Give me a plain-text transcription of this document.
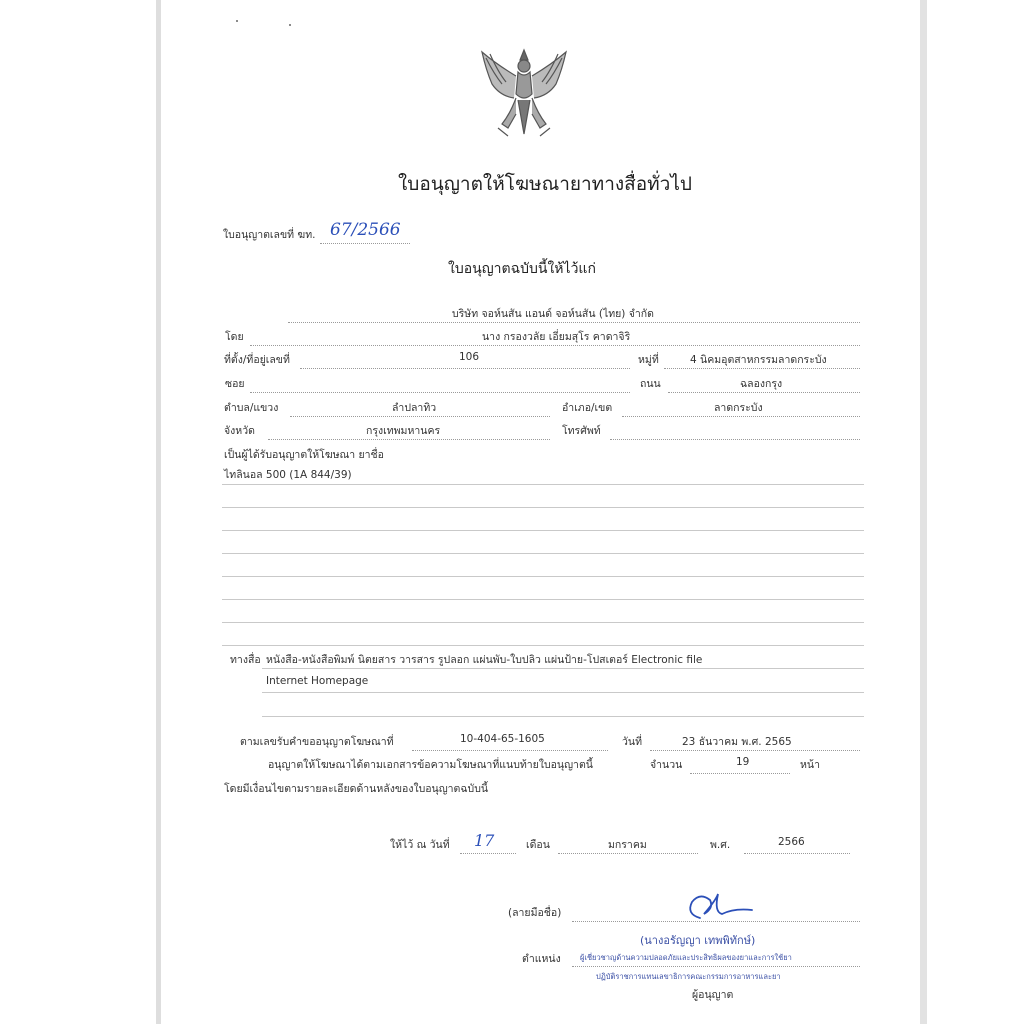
ใบอนุญาตให้โฆษณายาทางสื่อทั่วไป
ใบอนุญาตเลขที่ ฆท. 67/2566
ใบอนุญาตฉบับนี้ให้ไว้แก่
บริษัท จอห์นสัน แอนด์ จอห์นสัน (ไทย) จำกัด
โดย	นาง กรองวลัย เอี่ยมสุโร คาดาจิริ
ที่ตั้ง/ที่อยู่เลขที่	106	หมู่ที่	4 นิคมอุตสาหกรรมลาดกระบัง
ซอย	ถนน	ฉลองกรุง
ตำบล/แขวง	ลำปลาทิว	อำเภอ/เขต	ลาดกระบัง
จังหวัด	กรุงเทพมหานคร	โทรศัพท์
เป็นผู้ได้รับอนุญาตให้โฆษณา ยาชื่อ
ไทลินอล 500 (1A 844/39)
ทางสื่อ หนังสือ-หนังสือพิมพ์ นิตยสาร วารสาร รูปลอก แผ่นพับ-ใบปลิว แผ่นป้าย-โปสเตอร์ Electronic file
Internet Homepage
ตามเลขรับคำขออนุญาตโฆษณาที่	10-404-65-1605	วันที่	23 ธันวาคม พ.ศ. 2565
อนุญาตให้โฆษณาได้ตามเอกสารข้อความโฆษณาที่แนบท้ายใบอนุญาตนี้	จำนวน	19	หน้า
โดยมีเงื่อนไขตามรายละเอียดด้านหลังของใบอนุญาตฉบับนี้
ให้ไว้ ณ วันที่ 17	เดือน	มกราคม	พ.ศ.	2566
(ลายมือชื่อ)
(นางอรัญญา เทพพิทักษ์)
ตำแหน่ง	ผู้เชี่ยวชาญด้านความปลอดภัยและประสิทธิผลของยาและการใช้ยา
ปฏิบัติราชการแทนเลขาธิการคณะกรรมการอาหารและยา
ผู้อนุญาต
